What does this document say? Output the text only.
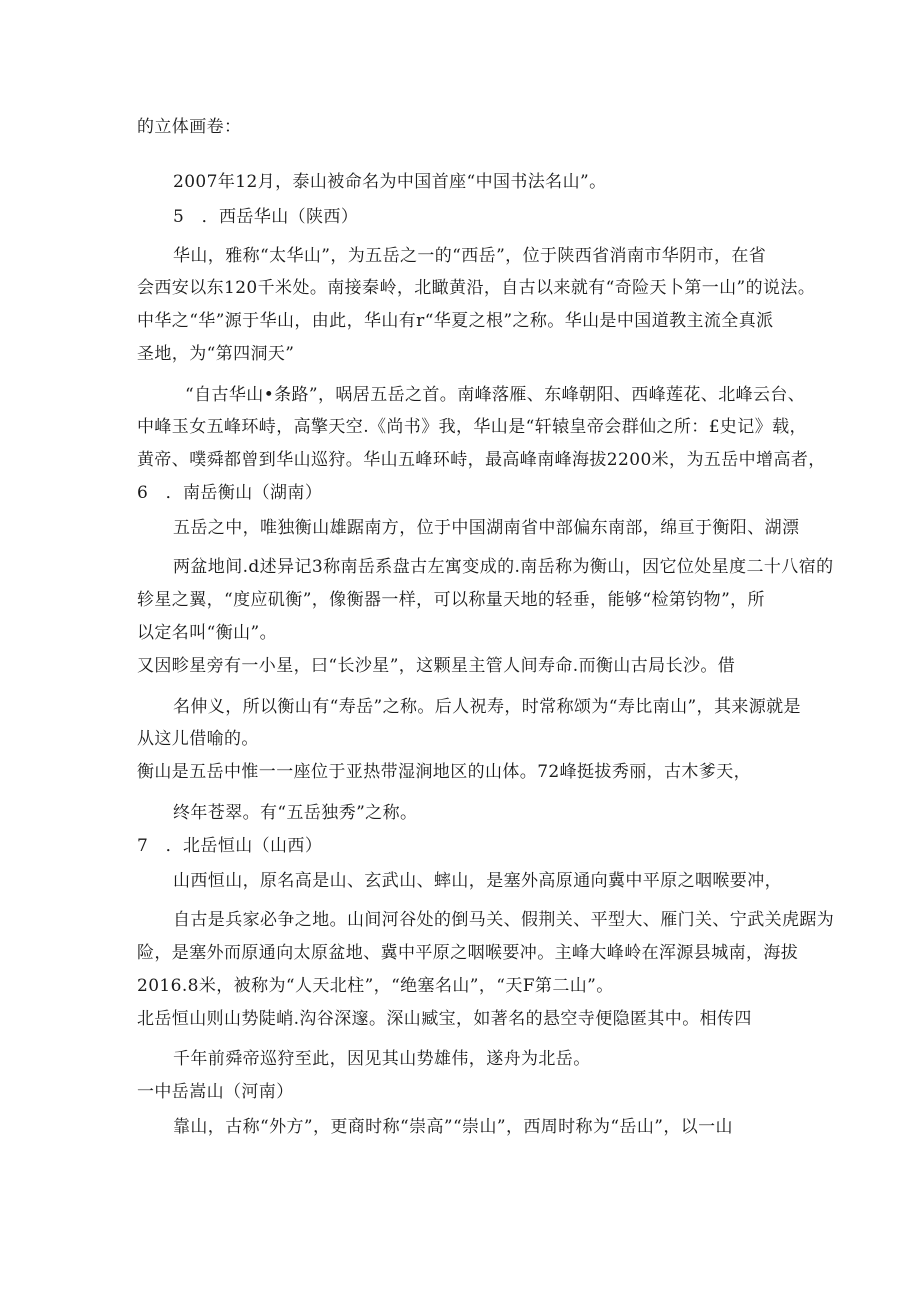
的立体画卷：
2007年12月，泰山被命名为中国首座“中国书法名山”。
5　．西岳华山（陕西）
华山，雅称“太华山”，为五岳之一的“西岳”，位于陕西省消南市华阴市，在省
会西安以东120千米处。南接秦岭，北瞰黄沿，自古以来就有“奇险天卜第一山”的说法。
中华之“华”源于华山，由此，华山有r“华夏之根”之称。华山是中国道教主流全真派
圣地，为“第四洞天”
“自古华山•条路”，㖞居五岳之首。南峰落雁、东峰朝阳、西峰莲花、北峰云台、
中峰玉女五峰环峙，高擎天空.《尚书》我，华山是“轩辕皇帝会群仙之所：£史记》载，
黄帝、噗舜都曾到华山巡狩。华山五峰环峙，最高峰南峰海拔2200米，为五岳中增高者，
6　．南岳衡山（湖南）
五岳之中，唯独衡山雄踞南方，位于中国湖南省中部偏东南部，绵亘于衡阳、湖漂
两盆地间.d述异记3称南岳系盘古左寓变成的.南岳称为衡山，因它位处星度二十八宿的
轸星之翼，“度应矶衡”，像衡器一样，可以称量天地的轻垂，能够“检第钧物”，所
以定名叫“衡山”。
又因畛星旁有一小星，曰“长沙星”，这颗星主管人间寿命.而衡山古局长沙。借
名伸义，所以衡山有“寿岳”之称。后人祝寿，时常称颂为“寿比南山”，其来源就是
从这儿借喻的。
衡山是五岳中惟一一座位于亚热带湿涧地区的山体。72峰挺拔秀丽，古木爹天，
终年苍翠。有“五岳独秀”之称。
7　．北岳恒山（山西）
山西恒山，原名高是山、玄武山、蟀山，是塞外高原通向冀中平原之咽喉要冲，
自古是兵家必争之地。山间河谷处的倒马关、假荆关、平型大、雁门关、宁武关虎踞为
险，是塞外而原通向太原盆地、冀中平原之咽喉要冲。主峰大峰岭在浑源县城南，海拔
2016.8米，被称为“人天北柱”，“绝塞名山”，“天F第二山”。
北岳恒山则山势陡峭.沟谷深邃。深山臧宝，如著名的悬空寺便隐匿其中。相传四
千年前舜帝巡狩至此，因见其山势雄伟，遂舟为北岳。
一中岳嵩山（河南）
靠山，古称“外方”，更商时称“崇高”“崇山”，西周时称为“岳山”，以一山
